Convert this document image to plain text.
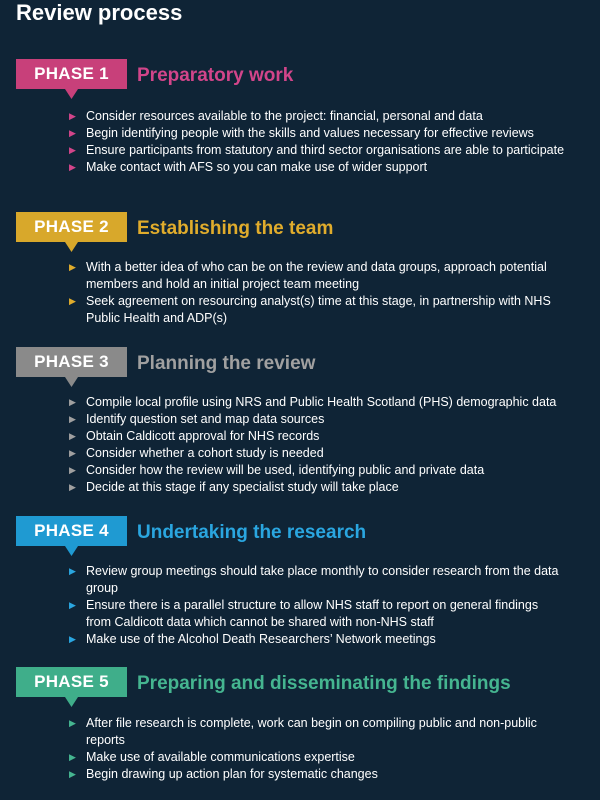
Review process
PHASE 1	Preparatory work
▶ Consider resources available to the project: financial, personal and data
▶ Begin identifying people with the skills and values necessary for effective reviews
▶ Ensure participants from statutory and third sector organisations are able to participate
▶ Make contact with AFS so you can make use of wider support
PHASE 2	Establishing the team
▶ With a better idea of who can be on the review and data groups, approach potential members and hold an initial project team meeting
▶ Seek agreement on resourcing analyst(s) time at this stage, in partnership with NHS Public Health and ADP(s)
PHASE 3	Planning the review
▶ Compile local profile using NRS and Public Health Scotland (PHS) demographic data
▶ Identify question set and map data sources
▶ Obtain Caldicott approval for NHS records
▶ Consider whether a cohort study is needed
▶ Consider how the review will be used, identifying public and private data
▶ Decide at this stage if any specialist study will take place
PHASE 4	Undertaking the research
▶ Review group meetings should take place monthly to consider research from the data group
▶ Ensure there is a parallel structure to allow NHS staff to report on general findings from Caldicott data which cannot be shared with non-NHS staff
▶ Make use of the Alcohol Death Researchers’ Network meetings
PHASE 5	Preparing and disseminating the findings
▶ After file research is complete, work can begin on compiling public and non-public reports
▶ Make use of available communications expertise
▶ Begin drawing up action plan for systematic changes
